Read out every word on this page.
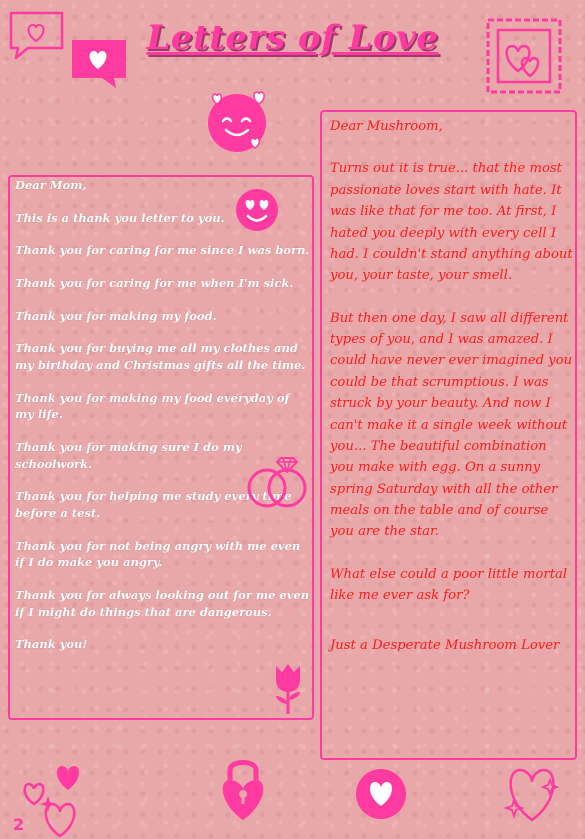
Letters of Love

Dear Mom,

This is a thank you letter to you.

Thank you for caring for me since I was born.

Thank you for caring for me when I'm sick.

Thank you for making my food.

Thank you for buying me all my clothes and my birthday and Christmas gifts all the time.

Thank you for making my food everyday of my life.

Thank you for making sure I do my schoolwork.

Thank you for helping me study every time before a test.

Thank you for not being angry with me even if I do make you angry.

Thank you for always looking out for me even if I might do things that are dangerous.

Thank you!

Dear Mushroom,

Turns out it is true... that the most passionate loves start with hate. It was like that for me too. At first, I hated you deeply with every cell I had. I couldn't stand anything about you, your taste, your smell.

But then one day, I saw all different types of you, and I was amazed. I could have never ever imagined you could be that scrumptious. I was struck by your beauty. And now I can't make it a single week without you... The beautiful combination you make with egg. On a sunny spring Saturday with all the other meals on the table and of course you are the star.

What else could a poor little mortal like me ever ask for?

Just a Desperate Mushroom Lover

2
